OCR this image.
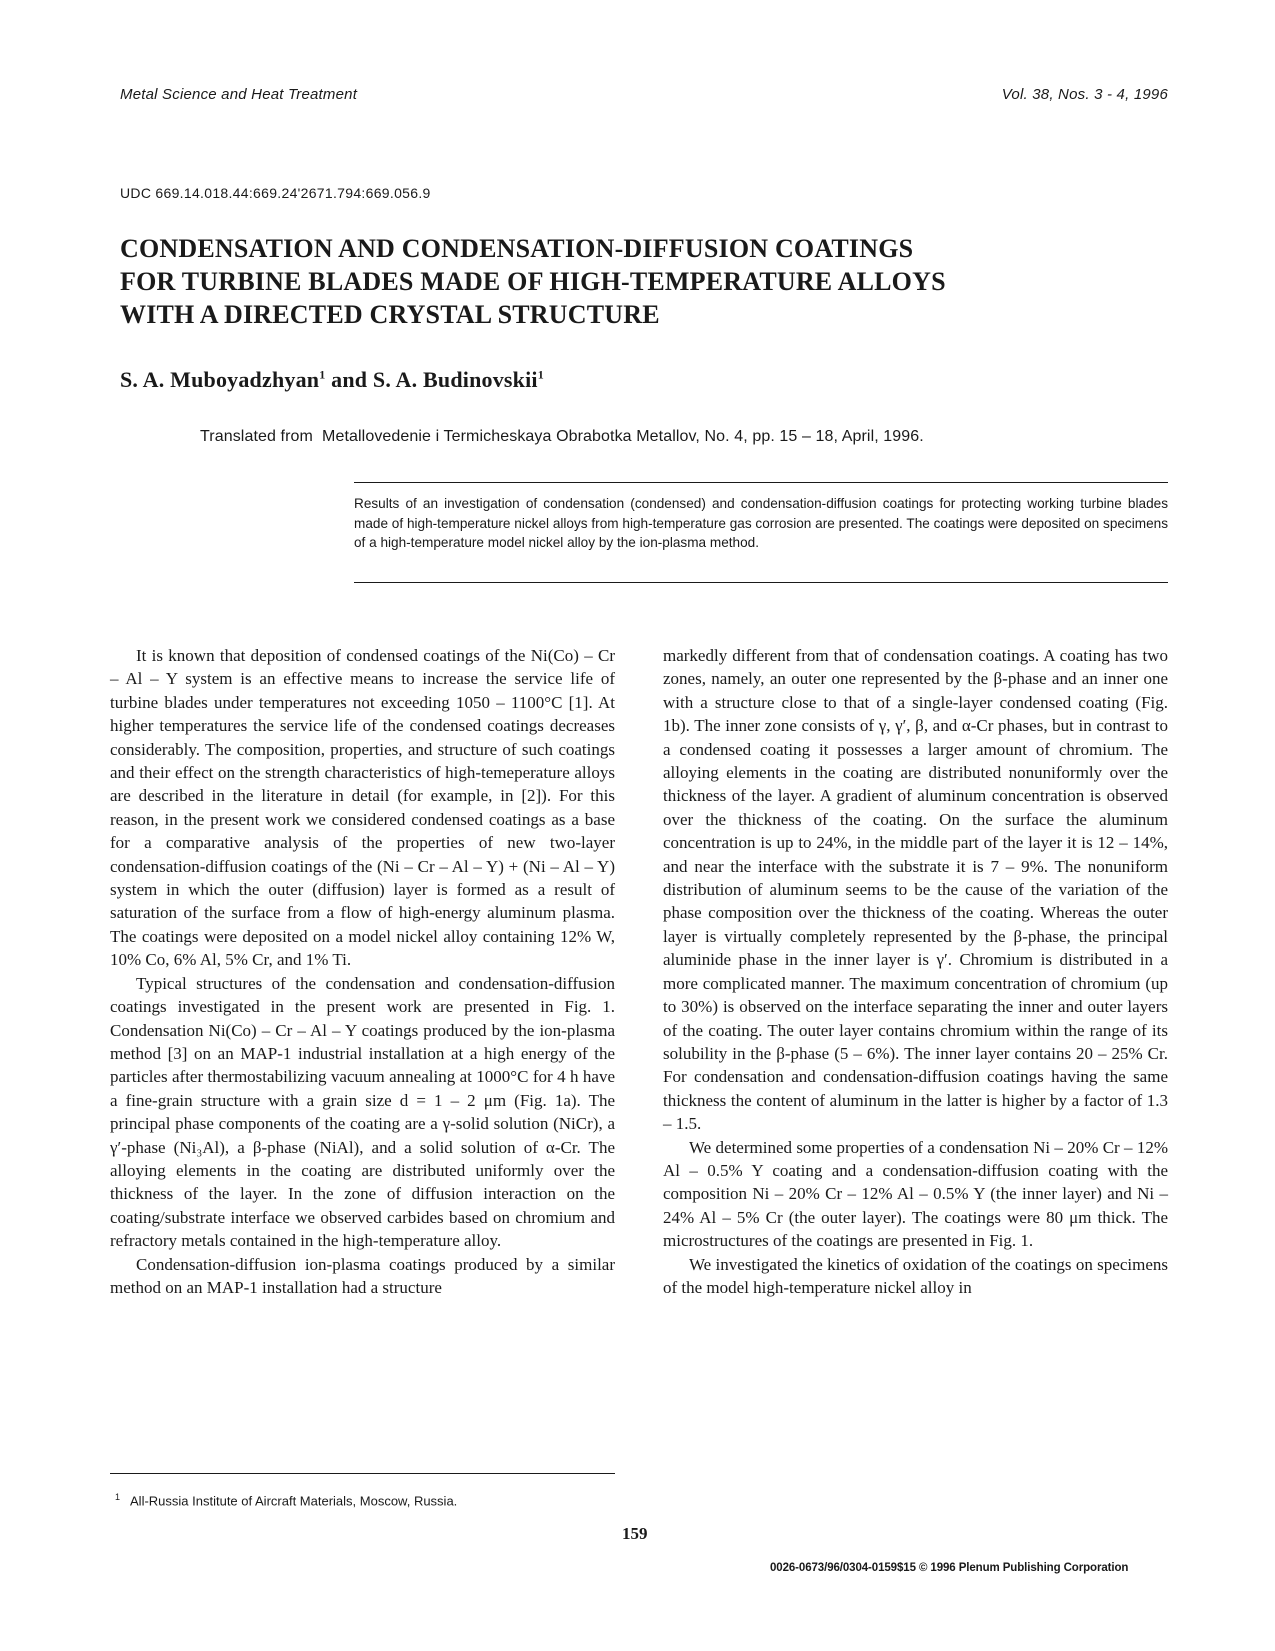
Metal Science and Heat Treatment	Vol. 38, Nos. 3 - 4, 1996
UDC 669.14.018.44:669.24'2671.794:669.056.9
CONDENSATION AND CONDENSATION-DIFFUSION COATINGS
FOR TURBINE BLADES MADE OF HIGH-TEMPERATURE ALLOYS
WITH A DIRECTED CRYSTAL STRUCTURE
S. A. Muboyadzhyan$^1$ and S. A. Budinovskii$^1$
Translated from  Metallovedenie i Termicheskaya Obrabotka Metallov, No. 4, pp. 15 – 18, April, 1996.
Results of an investigation of condensation (condensed) and condensation-diffusion coatings for protecting working turbine blades made of high-temperature nickel alloys from high-temperature gas corrosion are presented. The coatings were deposited on specimens of a high-temperature model nickel alloy by the ion-plasma method.

It is known that deposition of condensed coatings of the Ni(Co) – Cr – Al – Y system is an effective means to increase the service life of turbine blades under temperatures not exceeding 1050 – 1100°C [1]. At higher temperatures the service life of the condensed coatings decreases considerably. The composition, properties, and structure of such coatings and their effect on the strength characteristics of high-temeperature alloys are described in the literature in detail (for example, in [2]). For this reason, in the present work we considered condensed coatings as a base for a comparative analysis of the properties of new two-layer condensation-diffusion coatings of the (Ni – Cr – Al – Y) + (Ni – Al – Y) system in which the outer (diffusion) layer is formed as a result of saturation of the surface from a flow of high-energy aluminum plasma. The coatings were deposited on a model nickel alloy containing 12% W, 10% Co, 6% Al, 5% Cr, and 1% Ti.

Typical structures of the condensation and condensation-diffusion coatings investigated in the present work are presented in Fig. 1. Condensation Ni(Co) – Cr – Al – Y coatings produced by the ion-plasma method [3] on an MAP-1 industrial installation at a high energy of the particles after thermostabilizing vacuum annealing at 1000°C for 4 h have a fine-grain structure with a grain size d = 1 – 2 μm (Fig. 1a). The principal phase components of the coating are a γ-solid solution (NiCr), a γ′-phase (Ni₃Al), a β-phase (NiAl), and a solid solution of α-Cr. The alloying elements in the coating are distributed uniformly over the thickness of the layer. In the zone of diffusion interaction on the coating/substrate interface we observed carbides based on chromium and refractory metals contained in the high-temperature alloy.

Condensation-diffusion ion-plasma coatings produced by a similar method on an MAP-1 installation had a structure

markedly different from that of condensation coatings. A coating has two zones, namely, an outer one represented by the β-phase and an inner one with a structure close to that of a single-layer condensed coating (Fig. 1b). The inner zone consists of γ, γ′, β, and α-Cr phases, but in contrast to a condensed coating it possesses a larger amount of chromium. The alloying elements in the coating are distributed nonuniformly over the thickness of the layer. A gradient of aluminum concentration is observed over the thickness of the coating. On the surface the aluminum concentration is up to 24%, in the middle part of the layer it is 12 – 14%, and near the interface with the substrate it is 7 – 9%. The nonuniform distribution of aluminum seems to be the cause of the variation of the phase composition over the thickness of the coating. Whereas the outer layer is virtually completely represented by the β-phase, the principal aluminide phase in the inner layer is γ′. Chromium is distributed in a more complicated manner. The maximum concentration of chromium (up to 30%) is observed on the interface separating the inner and outer layers of the coating. The outer layer contains chromium within the range of its solubility in the β-phase (5 – 6%). The inner layer contains 20 – 25% Cr. For condensation and condensation-diffusion coatings having the same thickness the content of aluminum in the latter is higher by a factor of 1.3 – 1.5.

We determined some properties of a condensation Ni – 20% Cr – 12% Al – 0.5% Y coating and a condensation-diffusion coating with the composition Ni – 20% Cr – 12% Al – 0.5% Y (the inner layer) and Ni – 24% Al – 5% Cr (the outer layer). The coatings were 80 μm thick. The microstructures of the coatings are presented in Fig. 1.

We investigated the kinetics of oxidation of the coatings on specimens of the model high-temperature nickel alloy in

$^1$ All-Russia Institute of Aircraft Materials, Moscow, Russia.
159
0026-0673/96/0304-0159$15 © 1996 Plenum Publishing Corporation
